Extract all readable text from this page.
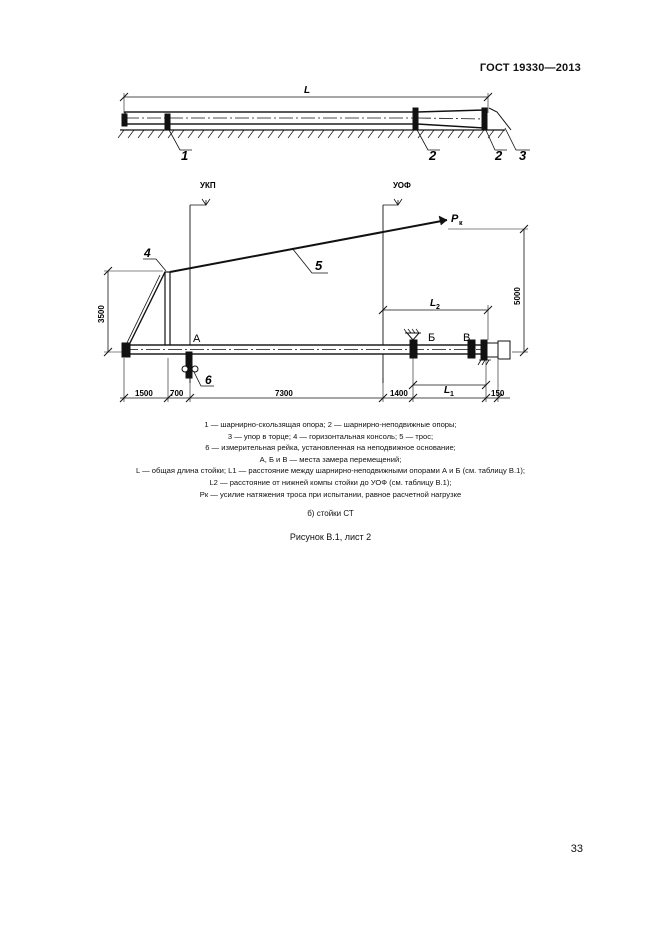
ГОСТ 19330—2013
L
1	2	2 3
УКП	УОФ
P к
4
5
6
А	Б	В
3500
5000
L 2
L 1
1500 700	7300	1400	150
1 — шарнирно-скользящая опора; 2 — шарнирно-неподвижные опоры;
3 — упор в торце; 4 — горизонтальная консоль; 5 — трос;
6 — измерительная рейка, установленная на неподвижное основание;
А, Б и В — места замера перемещений;
L — общая длина стойки; L1 — расстояние между шарнирно-неподвижными опорами А и Б (см. таблицу В.1);
L2 — расстояние от нижней компы стойки до УОФ (см. таблицу В.1);
Pк — усилие натяжения троса при испытании, равное расчетной нагрузке
б) стойки СТ
Рисунок В.1, лист 2
33
